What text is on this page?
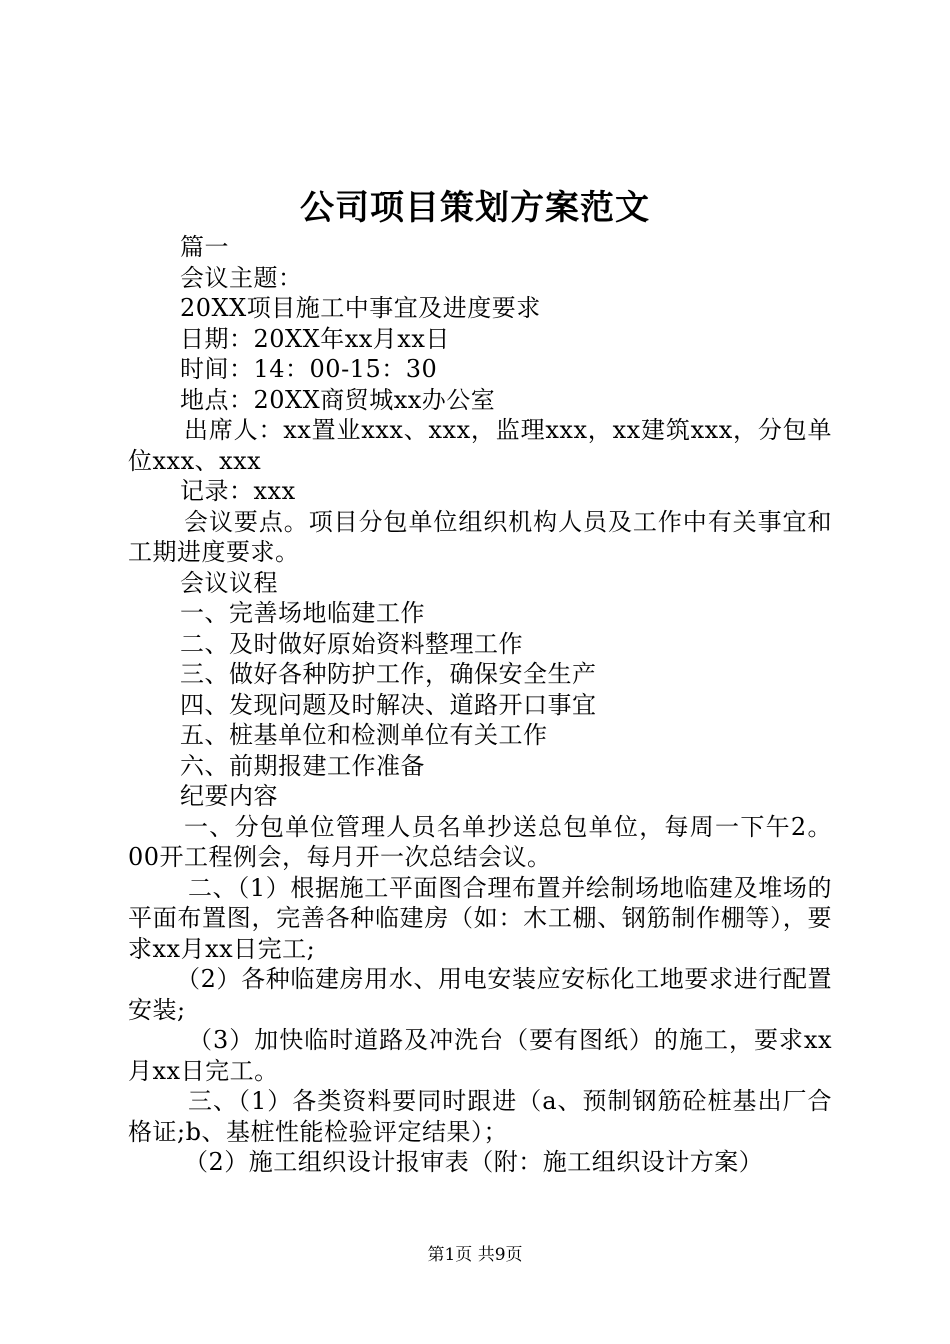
公司项目策划方案范文
篇一
会议主题：
20XX项目施工中事宜及进度要求
日期：20XX年xx月xx日
时间：14：00-15：30
地点：20XX商贸城xx办公室
出席人：xx置业xxx、xxx，监理xxx，xx建筑xxx，分包单位xxx、xxx
记录：xxx
会议要点。项目分包单位组织机构人员及工作中有关事宜和工期进度要求。
会议议程
一、完善场地临建工作
二、及时做好原始资料整理工作
三、做好各种防护工作，确保安全生产
四、发现问题及时解决、道路开口事宜
五、桩基单位和检测单位有关工作
六、前期报建工作准备
纪要内容
一、分包单位管理人员名单抄送总包单位，每周一下午2。00开工程例会，每月开一次总结会议。
二、（1）根据施工平面图合理布置并绘制场地临建及堆场的平面布置图，完善各种临建房（如：木工棚、钢筋制作棚等），要求xx月xx日完工;
（2）各种临建房用水、用电安装应安标化工地要求进行配置安装;
（3）加快临时道路及冲洗台（要有图纸）的施工，要求xx月xx日完工。
三、（1）各类资料要同时跟进（a、预制钢筋砼桩基出厂合格证;b、基桩性能检验评定结果）；
（2）施工组织设计报审表（附：施工组织设计方案）
第1页 共9页
